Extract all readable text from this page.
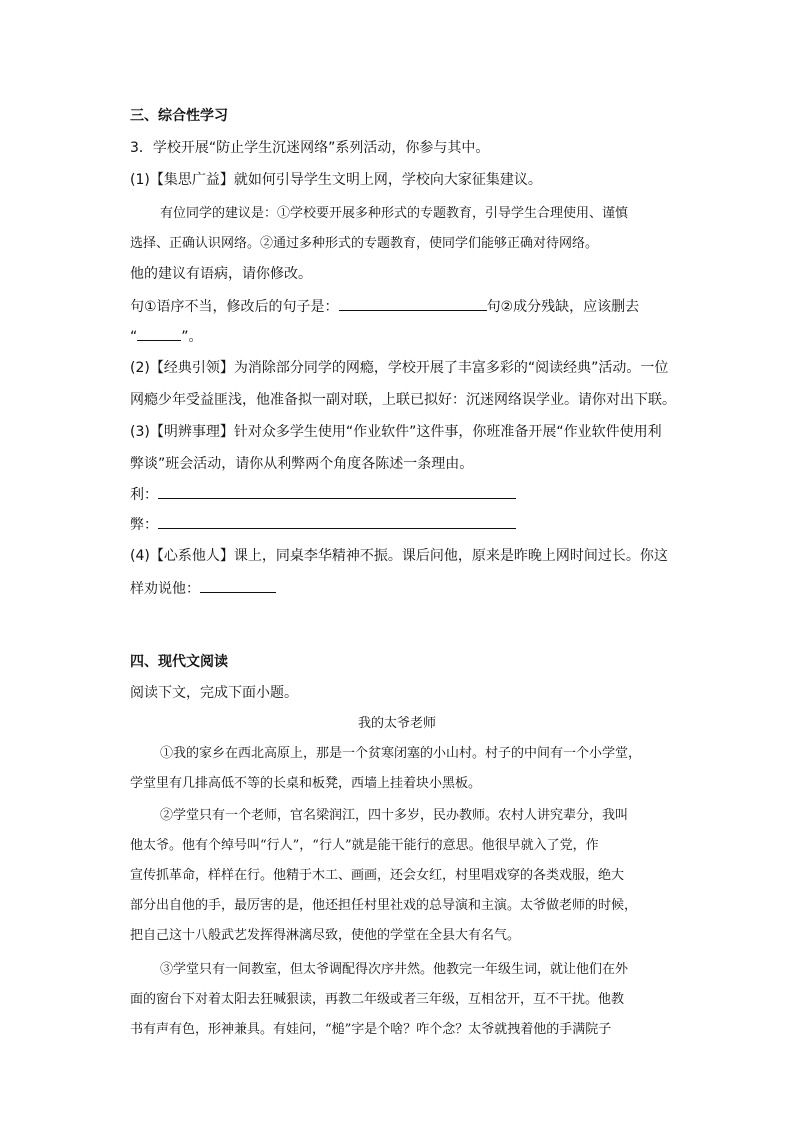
三、综合性学习
3．学校开展“防止学生沉迷网络”系列活动，你参与其中。
(1)【集思广益】就如何引导学生文明上网，学校向大家征集建议。
有位同学的建议是：①学校要开展多种形式的专题教育，引导学生合理使用、谨慎
选择、正确认识网络。②通过多种形式的专题教育，使同学们能够正确对待网络。
他的建议有语病，请你修改。
句①语序不当，修改后的句子是：	句②成分残缺，应该删去
“	”。
(2)【经典引领】为消除部分同学的网瘾，学校开展了丰富多彩的“阅读经典”活动。一位
网瘾少年受益匪浅，他准备拟一副对联，上联已拟好：沉迷网络误学业。请你对出下联。
(3)【明辨事理】针对众多学生使用“作业软件”这件事，你班准备开展“作业软件使用利
弊谈”班会活动，请你从利弊两个角度各陈述一条理由。
利：
弊：
(4)【心系他人】课上，同桌李华精神不振。课后问他，原来是昨晚上网时间过长。你这
样劝说他：
四、现代文阅读
阅读下文，完成下面小题。
我的太爷老师
①我的家乡在西北高原上，那是一个贫寒闭塞的小山村。村子的中间有一个小学堂，
学堂里有几排高低不等的长桌和板凳，西墙上挂着块小黑板。
②学堂只有一个老师，官名梁润江，四十多岁，民办教师。农村人讲究辈分，我叫
他太爷。他有个绰号叫“行人”，“行人”就是能干能行的意思。他很早就入了党，作
宣传抓革命，样样在行。他精于木工、画画，还会女红，村里唱戏穿的各类戏服，绝大
部分出自他的手，最厉害的是，他还担任村里社戏的总导演和主演。太爷做老师的时候，
把自己这十八般武艺发挥得淋漓尽致，使他的学堂在全县大有名气。
③学堂只有一间教室，但太爷调配得次序井然。他教完一年级生词，就让他们在外
面的窗台下对着太阳去狂喊狠读，再教二年级或者三年级，互相岔开，互不干扰。他教
书有声有色，形神兼具。有娃问，“槌”字是个啥？咋个念？太爷就拽着他的手满院子
